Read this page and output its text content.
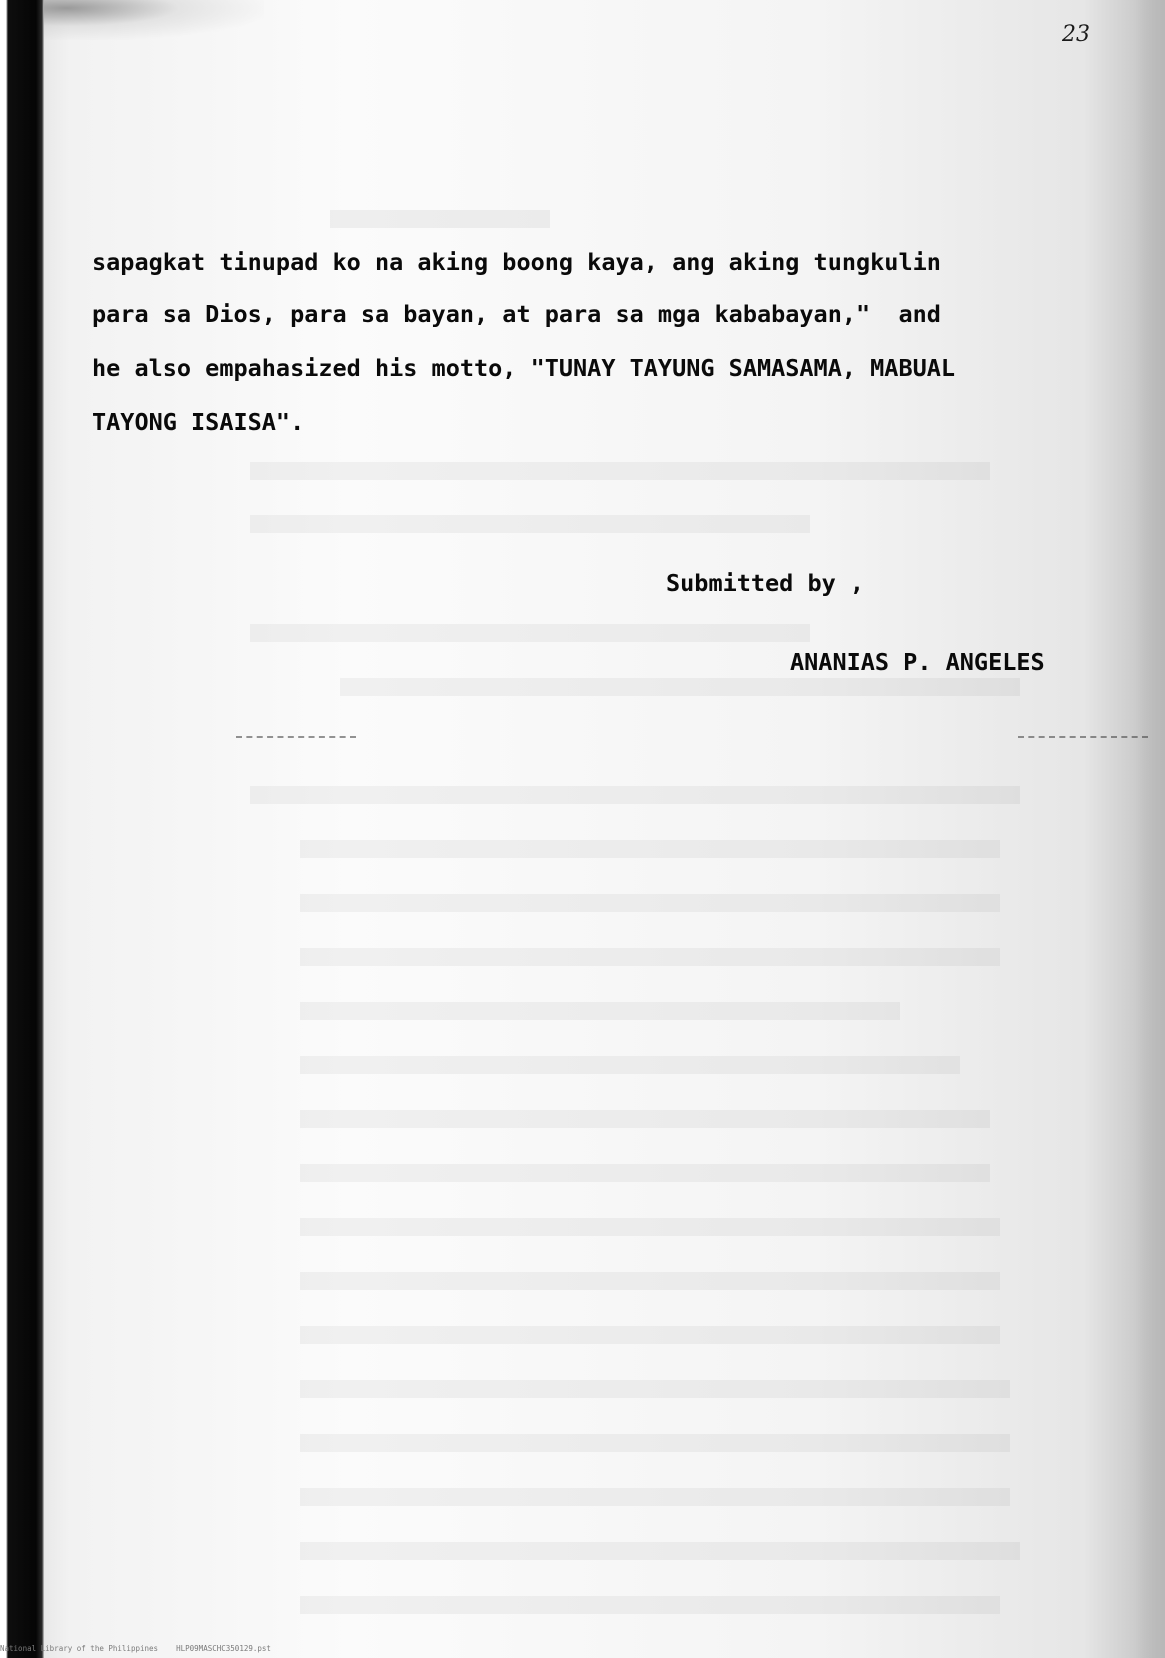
23

sapagkat tinupad ko na aking boong kaya, ang aking tungkulin

para sa Dios, para sa bayan, at para sa mga kababayan,"  and

he also empahasized his motto, "TUNAY TAYUNG SAMASAMA, MABUAL

TAYONG ISAISA".

Submitted by ,

ANANIAS P. ANGELES

National Library of the Philippines    HLP09MASCHC350129.pst
